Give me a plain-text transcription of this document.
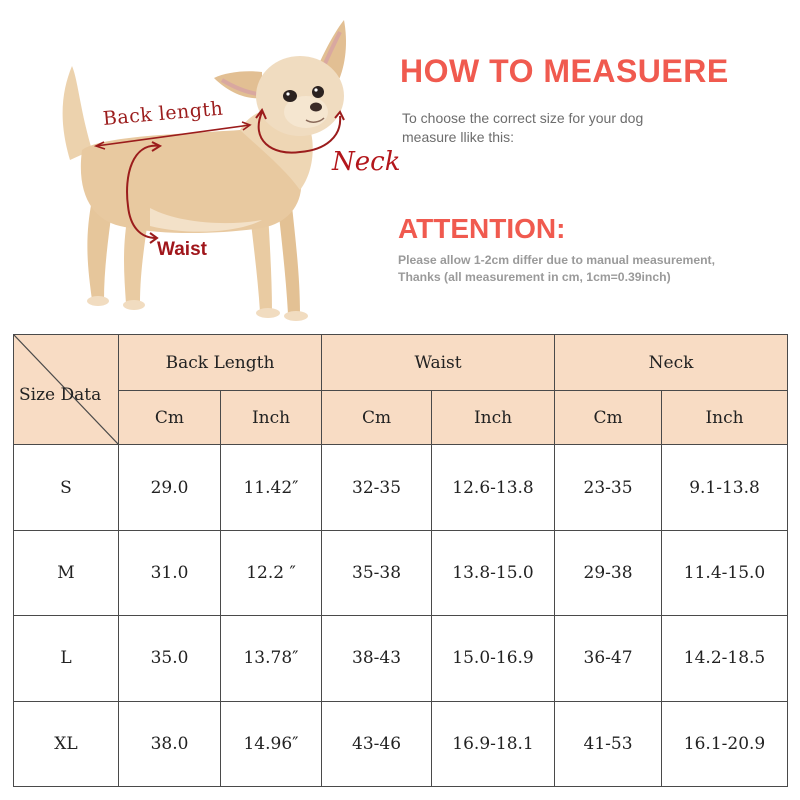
Back length
Neck
Waist
HOW TO MEASUERE
To choose the correct size for your dog
measure llike this:
ATTENTION:
Please allow 1-2cm differ due to manual measurement,
Thanks (all measurement in cm, 1cm=0.39inch)
Size Data	Back Length		Waist		Neck	
	Cm	Inch	Cm	Inch	Cm	Inch
S	29.0	11.42″	32-35	12.6-13.8	23-35	9.1-13.8
M	31.0	12.2 ″	35-38	13.8-15.0	29-38	11.4-15.0
L	35.0	13.78″	38-43	15.0-16.9	36-47	14.2-18.5
XL	38.0	14.96″	43-46	16.9-18.1	41-53	16.1-20.9
